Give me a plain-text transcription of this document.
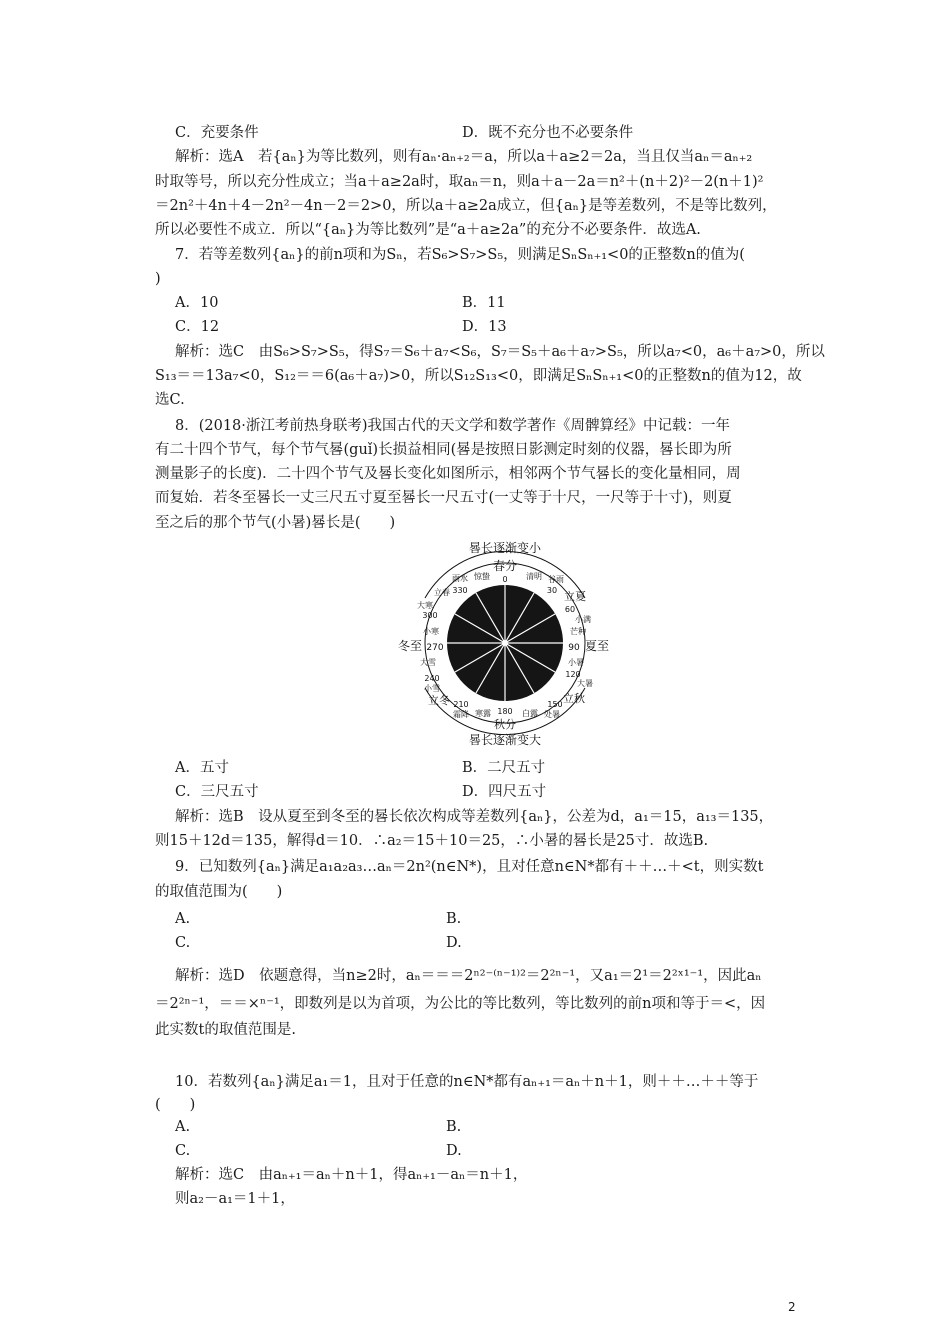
C．充要条件	D．既不充分也不必要条件
解析：选A　若{aₙ}为等比数列，则有aₙ·aₙ₊₂＝a，所以a＋a≥2＝2a，当且仅当aₙ＝aₙ₊₂
时取等号，所以充分性成立；当a＋a≥2a时，取aₙ＝n，则a＋a－2a＝n²＋(n＋2)²－2(n＋1)²
＝2n²＋4n＋4－2n²－4n－2＝2>0，所以a＋a≥2a成立，但{aₙ}是等差数列，不是等比数列，
所以必要性不成立．所以“{aₙ}为等比数列”是“a＋a≥2a”的充分不必要条件．故选A.
7．若等差数列{aₙ}的前n项和为Sₙ，若S₆>S₇>S₅，则满足SₙSₙ₊₁<0的正整数n的值为(
)
A．10	B．11
C．12	D．13
解析：选C　由S₆>S₇>S₅，得S₇＝S₆＋a₇<S₆，S₇＝S₅＋a₆＋a₇>S₅，所以a₇<0，a₆＋a₇>0，所以
S₁₃＝＝13a₇<0，S₁₂＝＝6(a₆＋a₇)>0，所以S₁₂S₁₃<0，即满足SₙSₙ₊₁<0的正整数n的值为12，故
选C.
8．(2018·浙江考前热身联考)我国古代的天文学和数学著作《周髀算经》中记载：一年
有二十四个节气，每个节气晷(guǐ)长损益相同(晷是按照日影测定时刻的仪器，晷长即为所
测量影子的长度)．二十四个节气及晷长变化如图所示，相邻两个节气晷长的变化量相同，周
而复始．若冬至晷长一丈三尺五寸夏至晷长一尺五寸(一丈等于十尺，一尺等于十寸)，则夏
至之后的那个节气(小暑)晷长是(　　)
晷长逐渐变小
春分
0 清明 谷雨
30 立夏
60
小满
芒种
90 夏至
小暑
120
大暑
立秋
150
处暑
白露
180
秋分
寒露
霜降
210
立冬
小雪
240
大雪
270
冬至
小寒
300
大寒
立春 330
雨水 惊蛰
晷长逐渐变大
A．五寸	B．二尺五寸
C．三尺五寸	D．四尺五寸
解析：选B　设从夏至到冬至的晷长依次构成等差数列{aₙ}，公差为d，a₁＝15，a₁₃＝135，
则15＋12d＝135，解得d＝10．∴a₂＝15＋10＝25，∴小暑的晷长是25寸．故选B.
9．已知数列{aₙ}满足a₁a₂a₃…aₙ＝2n²(n∈N*)，且对任意n∈N*都有＋＋…＋<t，则实数t
的取值范围为(　　)
A.	B.
C.	D.
解析：选D　依题意得，当n≥2时，aₙ＝＝＝2ⁿ²⁻⁽ⁿ⁻¹⁾²＝2²ⁿ⁻¹，又a₁＝2¹＝2²ˣ¹⁻¹，因此aₙ
＝2²ⁿ⁻¹，＝＝×ⁿ⁻¹，即数列是以为首项，为公比的等比数列，等比数列的前n项和等于＝<，因
此实数t的取值范围是.
10．若数列{aₙ}满足a₁＝1，且对于任意的n∈N*都有aₙ₊₁＝aₙ＋n＋1，则＋＋…＋＋等于
(　　)
A.	B.
C.	D.
解析：选C　由aₙ₊₁＝aₙ＋n＋1，得aₙ₊₁－aₙ＝n＋1，
则a₂－a₁＝1＋1，
2
